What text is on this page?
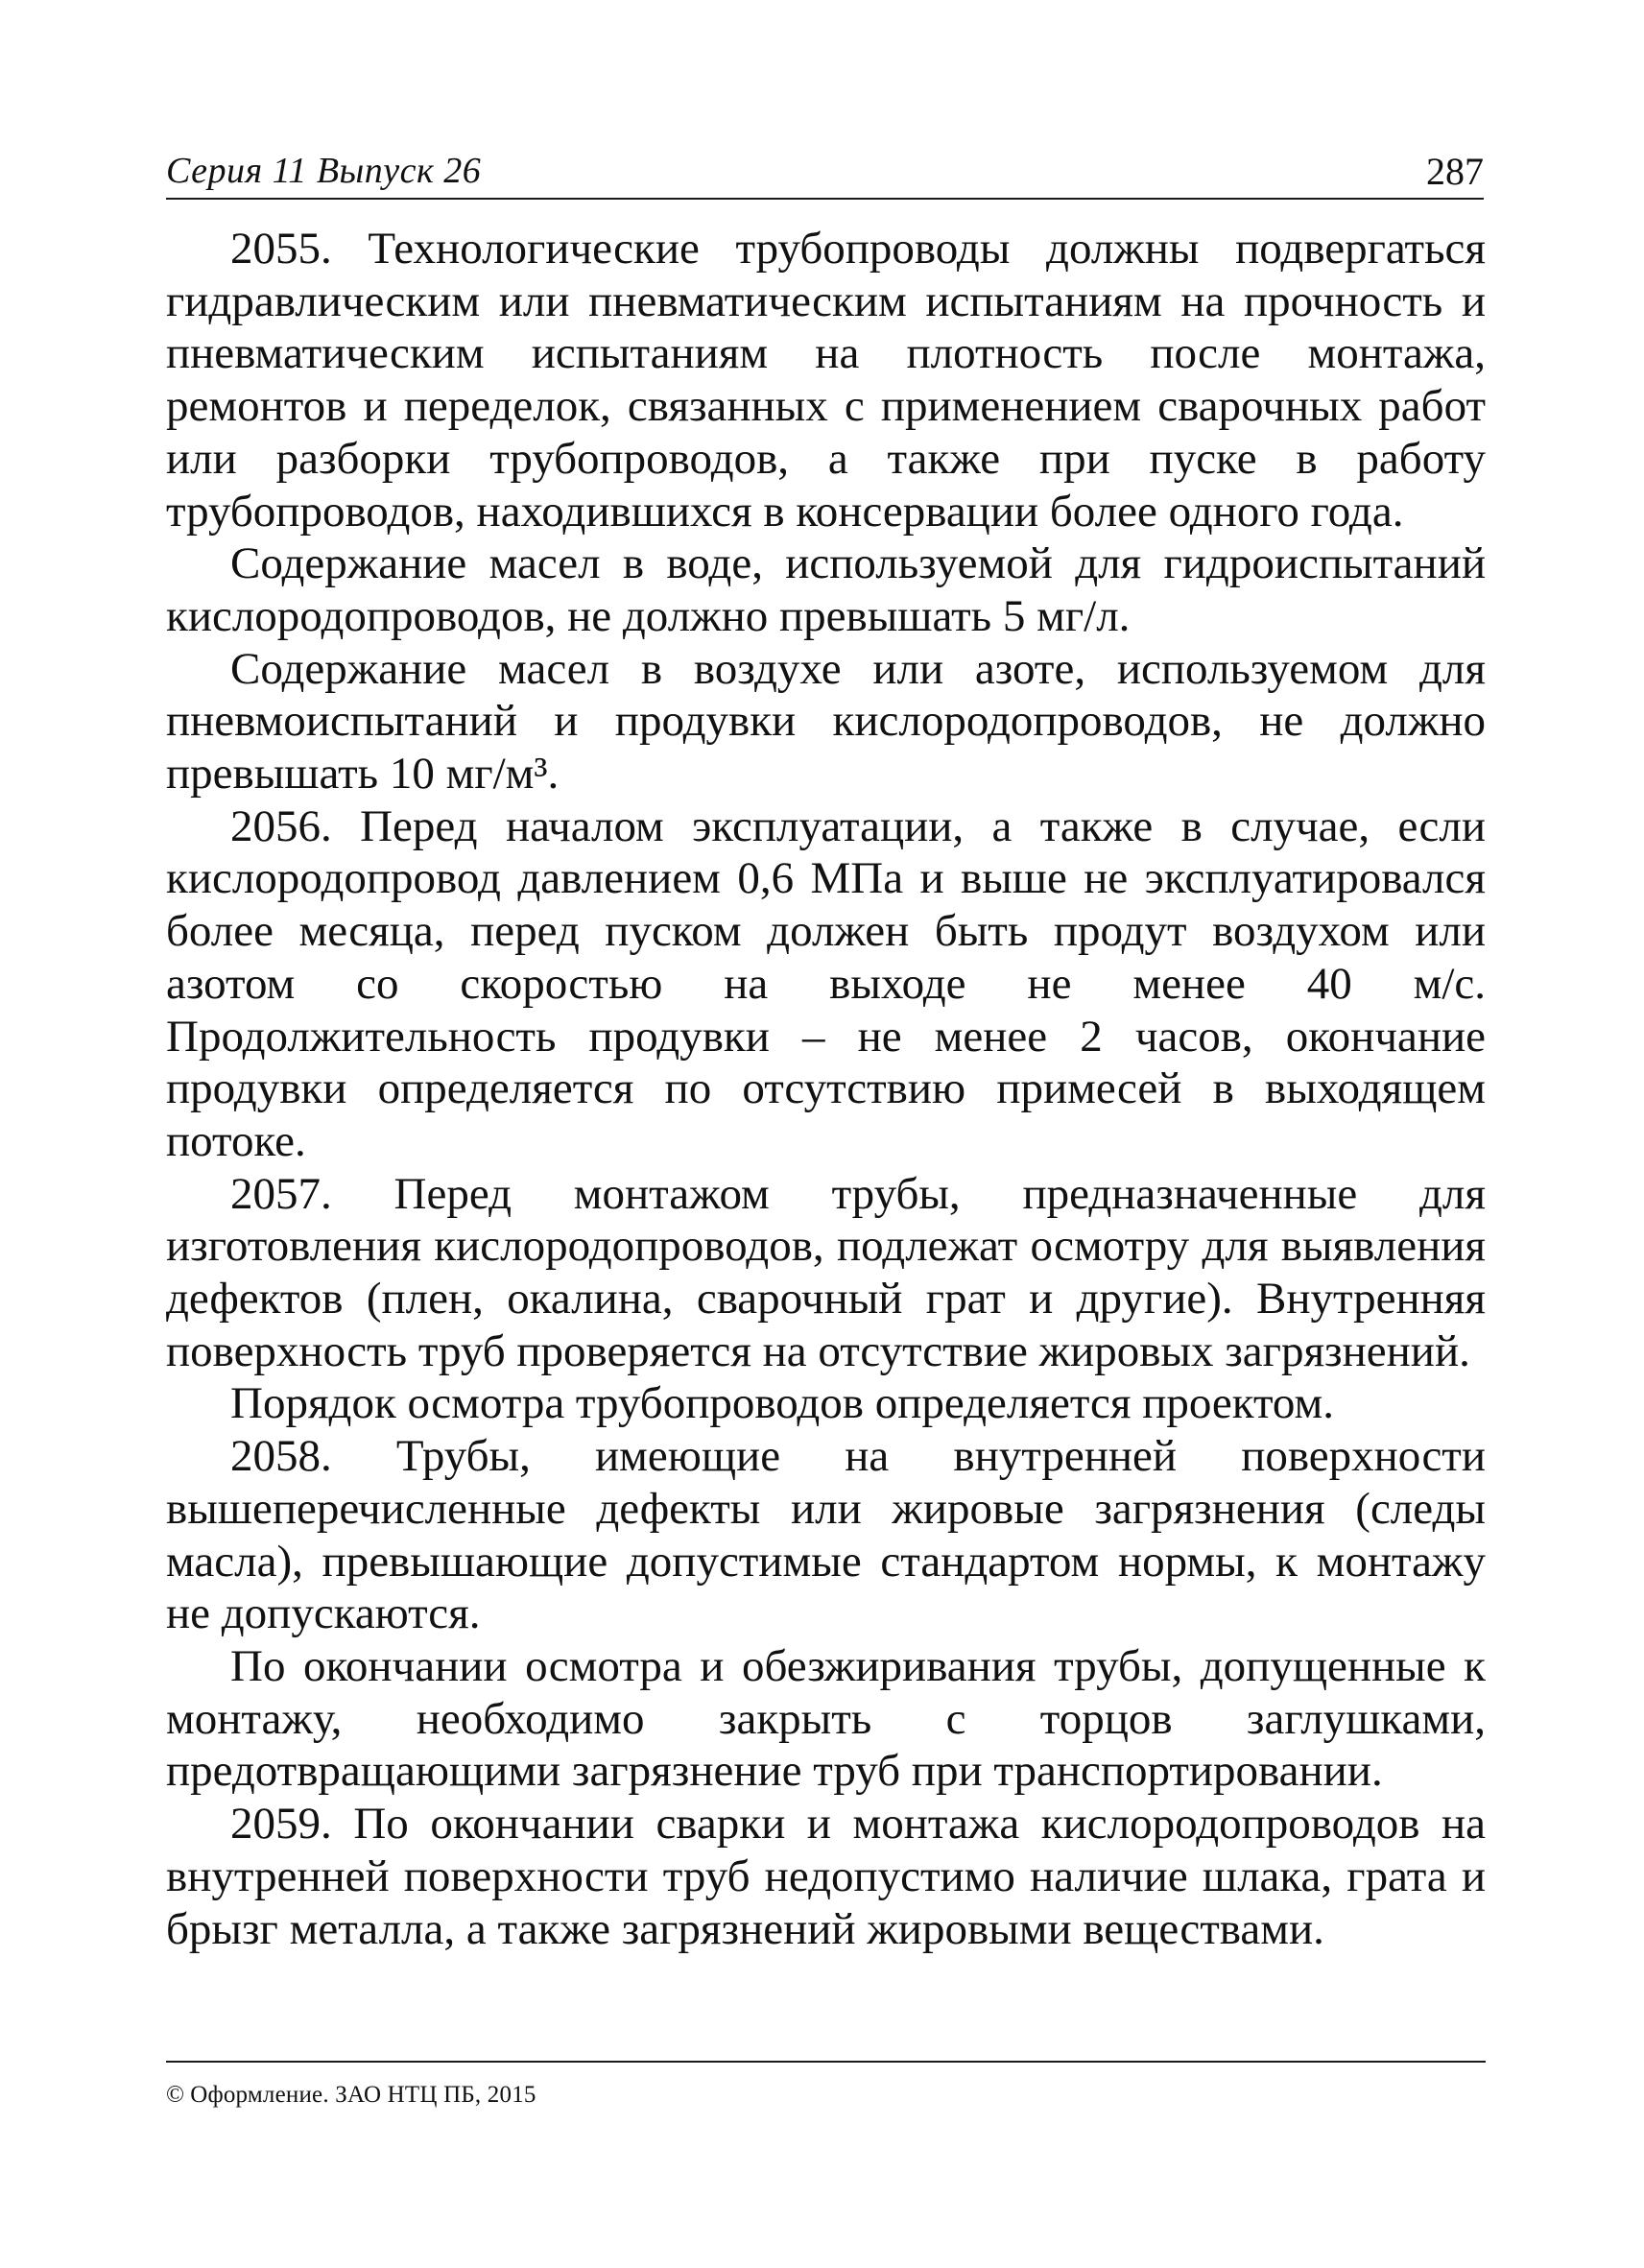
Серия 11 Выпуск 26	287

2055. Технологические трубопроводы должны подвергаться гидравлическим или пневматическим испытаниям на прочность и пневматическим испытаниям на плотность после монтажа, ремонтов и переделок, связанных с применением сварочных работ или разборки трубопроводов, а также при пуске в работу трубопроводов, находившихся в консервации более одного года.

Содержание масел в воде, используемой для гидроиспытаний кислородопроводов, не должно превышать 5 мг/л.

Содержание масел в воздухе или азоте, используемом для пневмоиспытаний и продувки кислородопроводов, не должно превышать 10 мг/м³.

2056. Перед началом эксплуатации, а также в случае, если кислородопровод давлением 0,6 МПа и выше не эксплуатировался более месяца, перед пуском должен быть продут воздухом или азотом со скоростью на выходе не менее 40 м/с. Продолжительность продувки – не менее 2 часов, окончание продувки определяется по отсутствию примесей в выходящем потоке.

2057. Перед монтажом трубы, предназначенные для изготовления кислородопроводов, подлежат осмотру для выявления дефектов (плен, окалина, сварочный грат и другие). Внутренняя поверхность труб проверяется на отсутствие жировых загрязнений.

Порядок осмотра трубопроводов определяется проектом.

2058. Трубы, имеющие на внутренней поверхности вышеперечисленные дефекты или жировые загрязнения (следы масла), превышающие допустимые стандартом нормы, к монтажу не допускаются.

По окончании осмотра и обезжиривания трубы, допущенные к монтажу, необходимо закрыть с торцов заглушками, предотвращающими загрязнение труб при транспортировании.

2059. По окончании сварки и монтажа кислородопроводов на внутренней поверхности труб недопустимо наличие шлака, грата и брызг металла, а также загрязнений жировыми веществами.

© Оформление. ЗАО НТЦ ПБ, 2015
